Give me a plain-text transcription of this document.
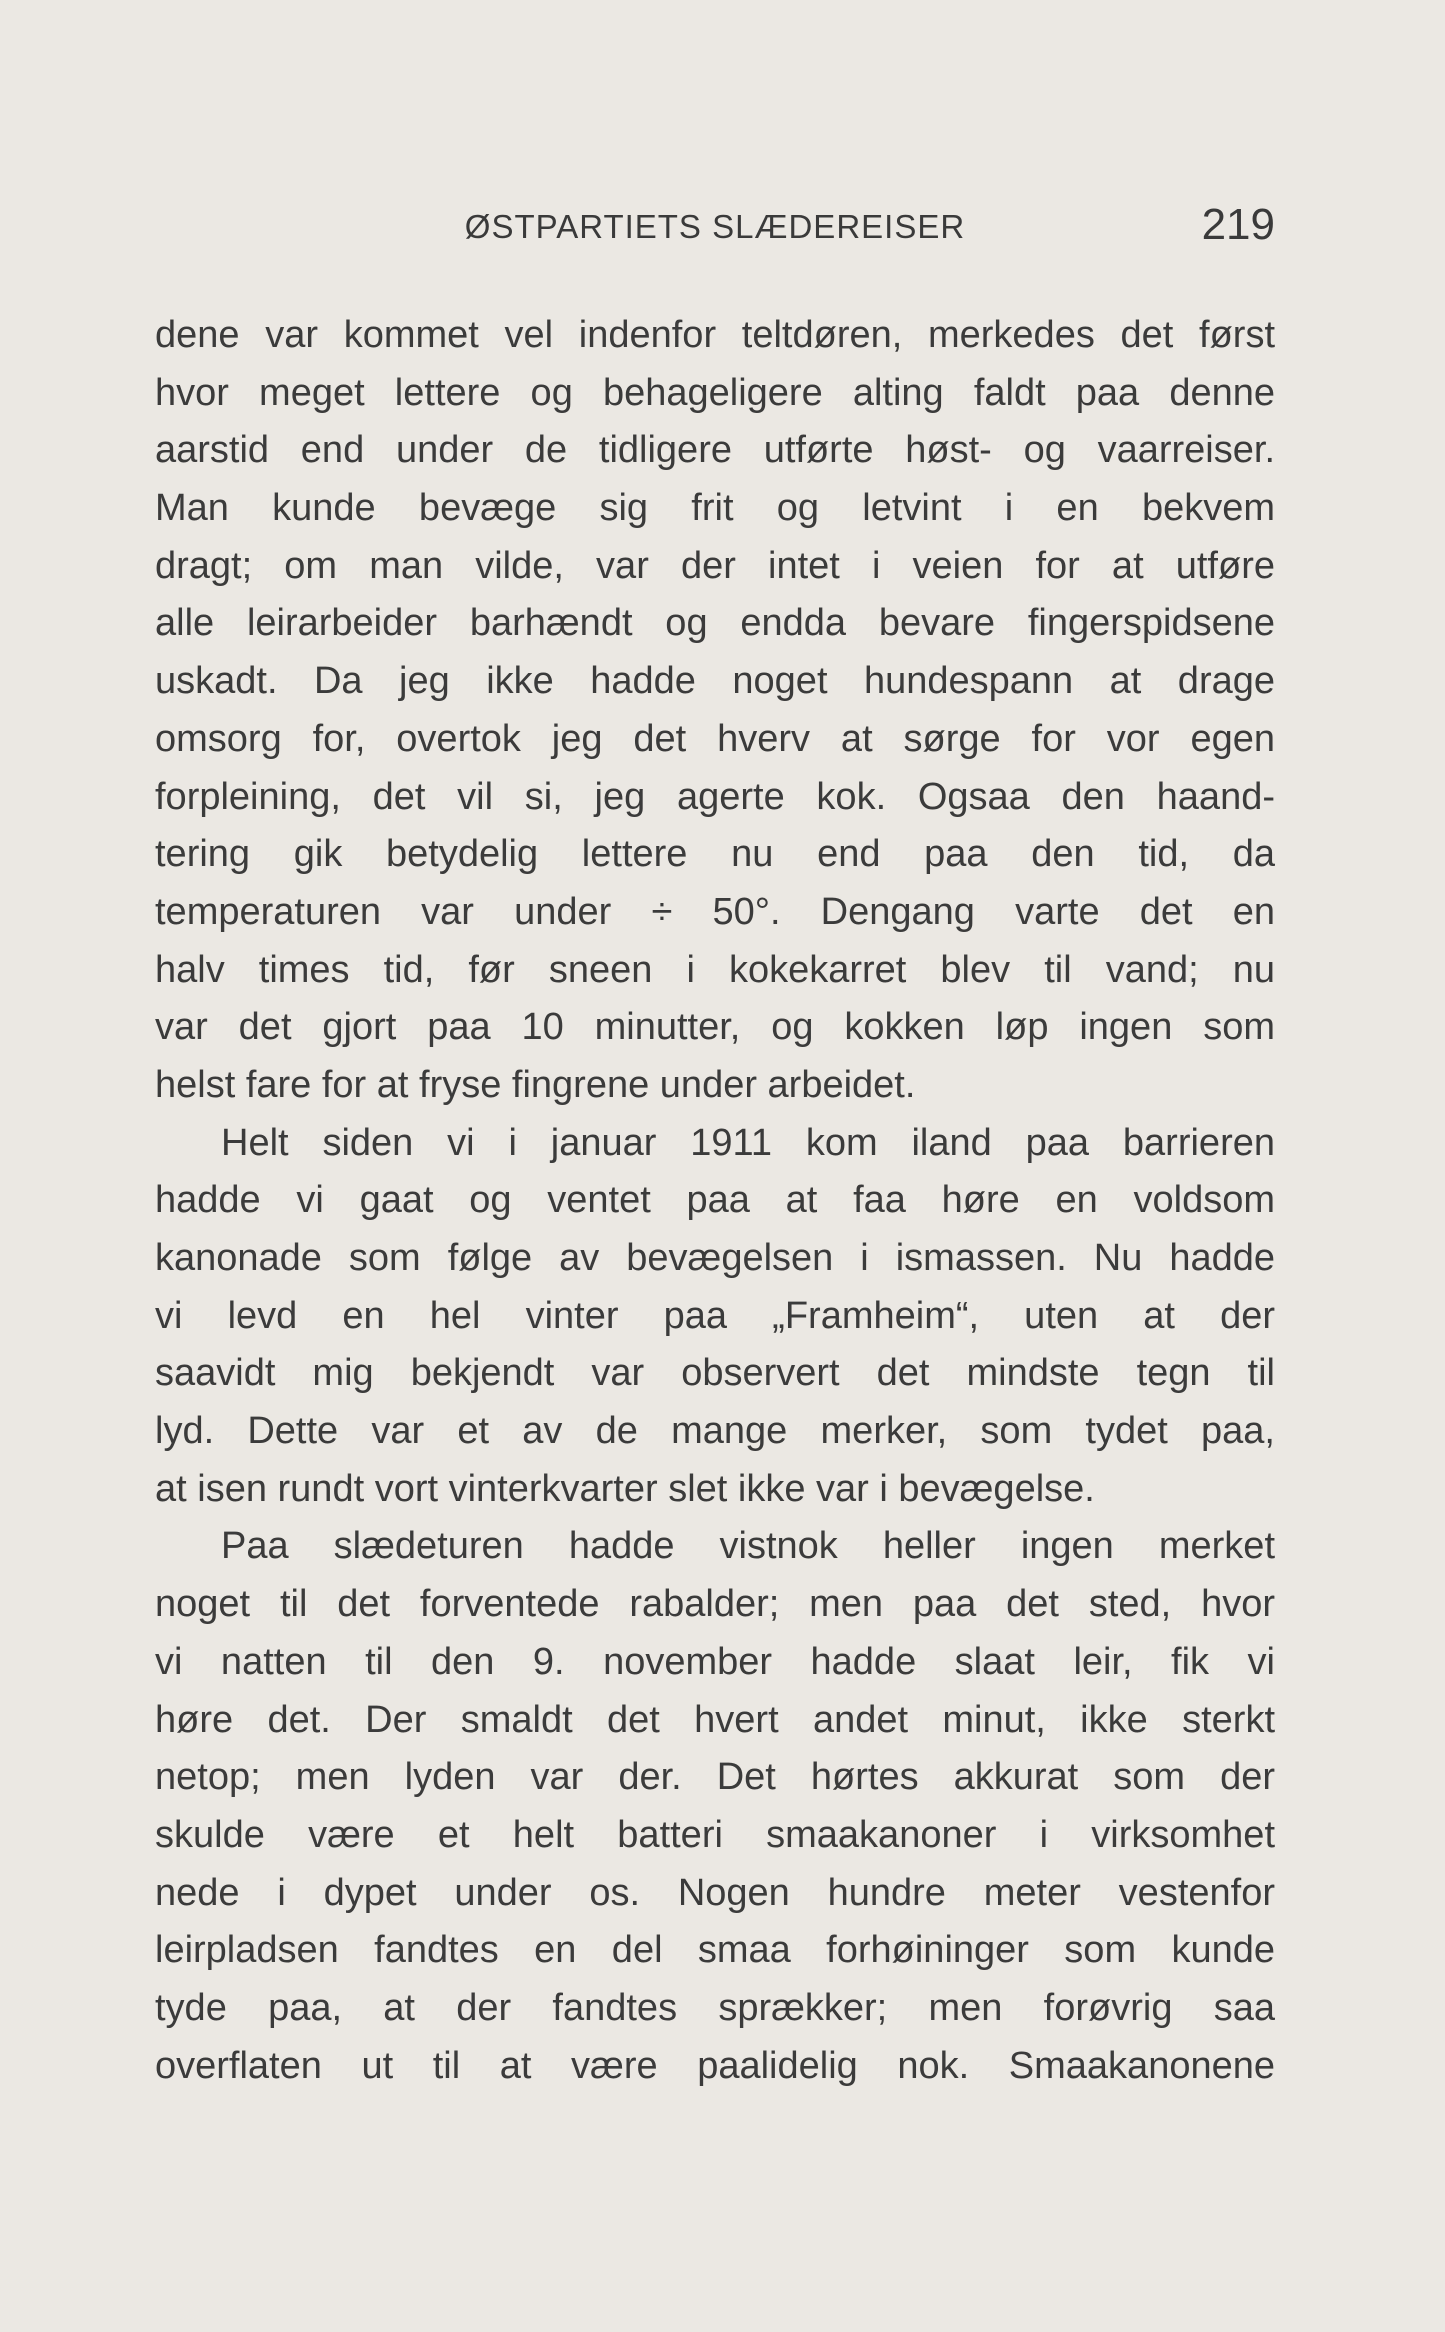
ØSTPARTIETS SLÆDEREISER	219
dene var kommet vel indenfor teltdøren, merkedes det først
hvor meget lettere og behageligere alting faldt paa denne
aarstid end under de tidligere utførte høst- og vaarreiser.
Man kunde bevæge sig frit og letvint i en bekvem
dragt; om man vilde, var der intet i veien for at utføre
alle leirarbeider barhændt og endda bevare fingerspidsene
uskadt. Da jeg ikke hadde noget hundespann at drage
omsorg for, overtok jeg det hverv at sørge for vor egen
forpleining, det vil si, jeg agerte kok. Ogsaa den haand-
tering gik betydelig lettere nu end paa den tid, da
temperaturen var under ÷ 50°. Dengang varte det en
halv times tid, før sneen i kokekarret blev til vand; nu
var det gjort paa 10 minutter, og kokken løp ingen som
helst fare for at fryse fingrene under arbeidet.
Helt siden vi i januar 1911 kom iland paa barrieren
hadde vi gaat og ventet paa at faa høre en voldsom
kanonade som følge av bevægelsen i ismassen. Nu hadde
vi levd en hel vinter paa „Framheim“, uten at der
saavidt mig bekjendt var observert det mindste tegn til
lyd. Dette var et av de mange merker, som tydet paa,
at isen rundt vort vinterkvarter slet ikke var i bevægelse.
Paa slædeturen hadde vistnok heller ingen merket
noget til det forventede rabalder; men paa det sted, hvor
vi natten til den 9. november hadde slaat leir, fik vi
høre det. Der smaldt det hvert andet minut, ikke sterkt
netop; men lyden var der. Det hørtes akkurat som der
skulde være et helt batteri smaakanoner i virksomhet
nede i dypet under os. Nogen hundre meter vestenfor
leirpladsen fandtes en del smaa forhøininger som kunde
tyde paa, at der fandtes sprækker; men forøvrig saa
overflaten ut til at være paalidelig nok. Smaakanonene
